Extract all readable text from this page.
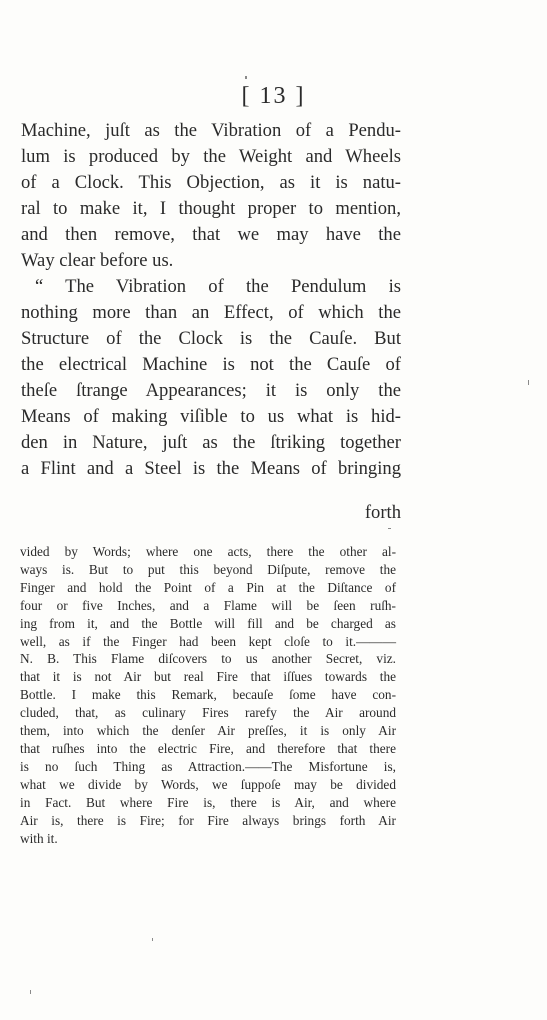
[ 13 ]
Machine, juſt as the Vibration of a Pendu-
lum is produced by the Weight and Wheels
of a Clock. This Objection, as it is natu-
ral to make it, I thought proper to mention,
and then remove, that we may have the
Way clear before us.
“ The Vibration of the Pendulum is
nothing more than an Effect, of which the
Structure of the Clock is the Cauſe. But
the electrical Machine is not the Cauſe of
theſe ſtrange Appearances; it is only the
Means of making viſible to us what is hid-
den in Nature, juſt as the ſtriking together
a Flint and a Steel is the Means of bringing
forth
vided by Words; where one acts, there the other al-
ways is. But to put this beyond Diſpute, remove the
Finger and hold the Point of a Pin at the Diſtance of
four or five Inches, and a Flame will be ſeen ruſh-
ing from it, and the Bottle will fill and be charged as
well, as if the Finger had been kept cloſe to it.———
N. B. This Flame diſcovers to us another Secret, viz.
that it is not Air but real Fire that iſſues towards the
Bottle. I make this Remark, becauſe ſome have con-
cluded, that, as culinary Fires rarefy the Air around
them, into which the denſer Air preſſes, it is only Air
that ruſhes into the electric Fire, and therefore that there
is no ſuch Thing as Attraction.——The Misfortune is,
what we divide by Words, we ſuppoſe may be divided
in Fact. But where Fire is, there is Air, and where
Air is, there is Fire; for Fire always brings forth Air
with it.
